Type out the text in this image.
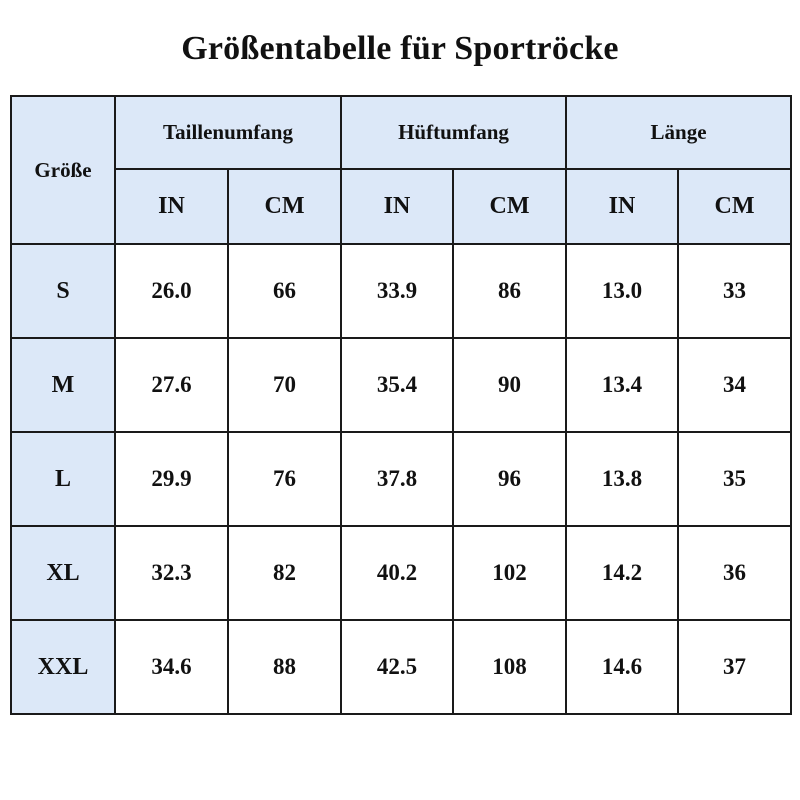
Größentabelle für Sportröcke
Größe	Taillenumfang		Hüftumfang		Länge	
	IN	CM	IN	CM	IN	CM
S	26.0	66	33.9	86	13.0	33
M	27.6	70	35.4	90	13.4	34
L	29.9	76	37.8	96	13.8	35
XL	32.3	82	40.2	102	14.2	36
XXL	34.6	88	42.5	108	14.6	37
